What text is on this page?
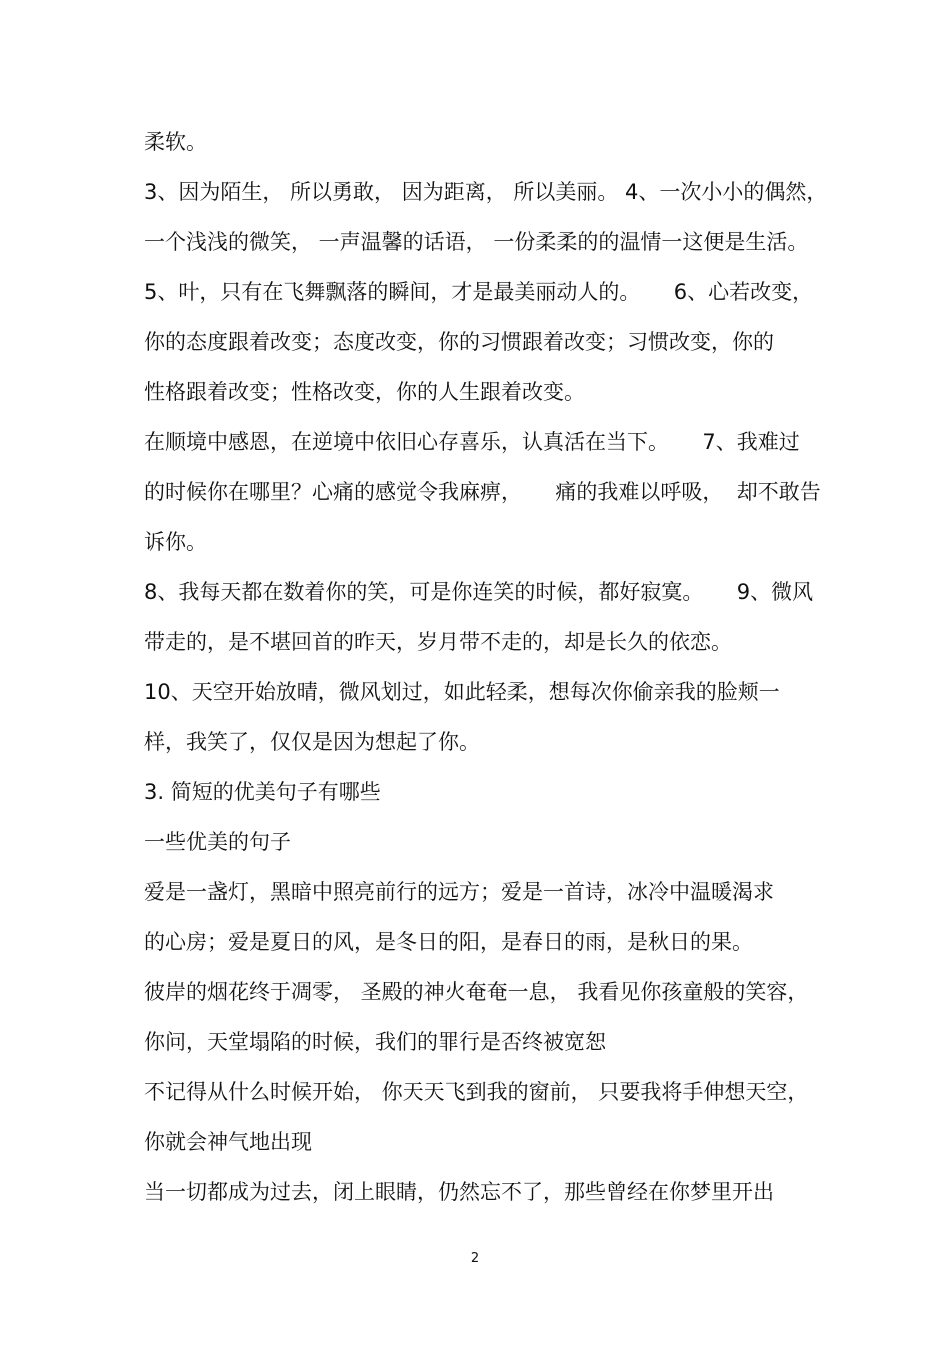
柔软。
3、因为陌生， 所以勇敢， 因为距离， 所以美丽。 4、一次小小的偶然，
一个浅浅的微笑， 一声温馨的话语， 一份柔柔的的温情一这便是生活。
5、叶，只有在飞舞飘落的瞬间，才是最美丽动人的。     6、心若改变，
你的态度跟着改变；态度改变，你的习惯跟着改变；习惯改变，你的
性格跟着改变；性格改变，你的人生跟着改变。
在顺境中感恩，在逆境中依旧心存喜乐，认真活在当下。     7、我难过
的时候你在哪里？心痛的感觉令我麻痹，     痛的我难以呼吸，  却不敢告
诉你。
8、我每天都在数着你的笑，可是你连笑的时候，都好寂寞。     9、微风
带走的，是不堪回首的昨天，岁月带不走的，却是长久的依恋。
10、天空开始放晴，微风划过，如此轻柔，想每次你偷亲我的脸颊一
样，我笑了，仅仅是因为想起了你。
3. 简短的优美句子有哪些
一些优美的句子
爱是一盏灯，黑暗中照亮前行的远方；爱是一首诗，冰冷中温暖渴求
的心房；爱是夏日的风，是冬日的阳，是春日的雨，是秋日的果。
彼岸的烟花终于凋零， 圣殿的神火奄奄一息， 我看见你孩童般的笑容，
你问，天堂塌陷的时候，我们的罪行是否终被宽恕
不记得从什么时候开始， 你天天飞到我的窗前， 只要我将手伸想天空，
你就会神气地出现
当一切都成为过去，闭上眼睛，仍然忘不了，那些曾经在你梦里开出
2
